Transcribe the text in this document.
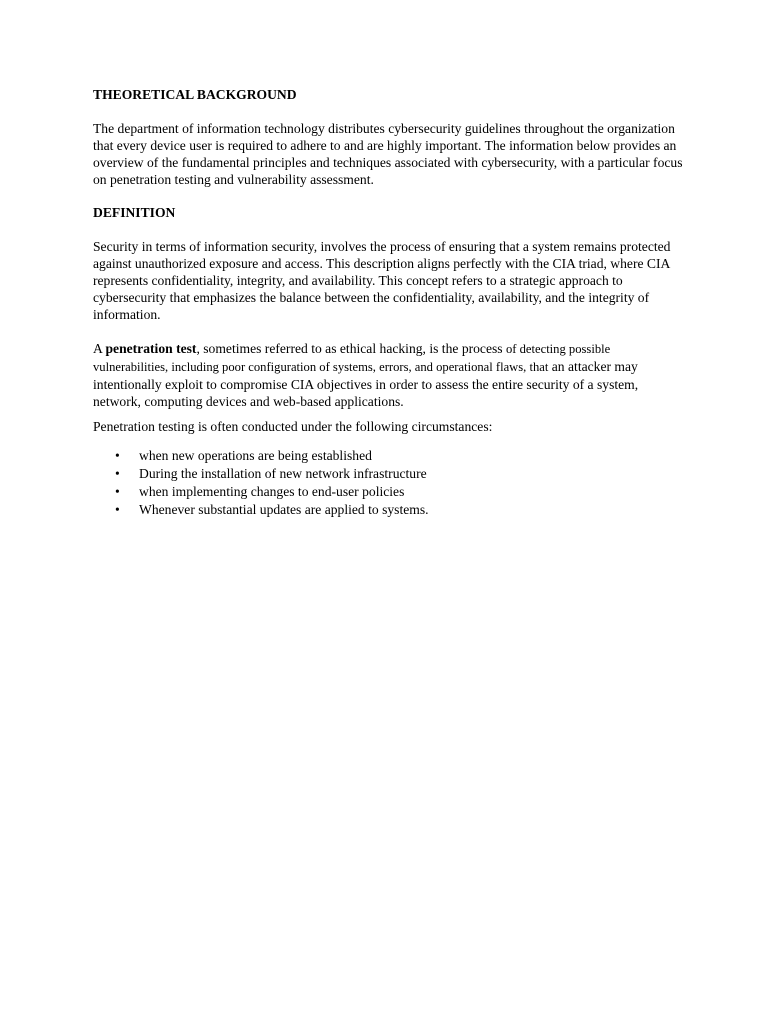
THEORETICAL BACKGROUND

The department of information technology distributes cybersecurity guidelines throughout the organization that every device user is required to adhere to and are highly important. The information below provides an overview of the fundamental principles and techniques associated with cybersecurity, with a particular focus on penetration testing and vulnerability assessment.

DEFINITION

Security in terms of information security, involves the process of ensuring that a system remains protected against unauthorized exposure and access. This description aligns perfectly with the CIA triad, where CIA represents confidentiality, integrity, and availability. This concept refers to a strategic approach to cybersecurity that emphasizes the balance between the confidentiality, availability, and the integrity of information.

A penetration test, sometimes referred to as ethical hacking, is the process of detecting possible vulnerabilities, including poor configuration of systems, errors, and operational flaws, that an attacker may intentionally exploit to compromise CIA objectives in order to assess the entire security of a system, network, computing devices and web-based applications.

Penetration testing is often conducted under the following circumstances:

• when new operations are being established
• During the installation of new network infrastructure
• when implementing changes to end-user policies
• Whenever substantial updates are applied to systems.
